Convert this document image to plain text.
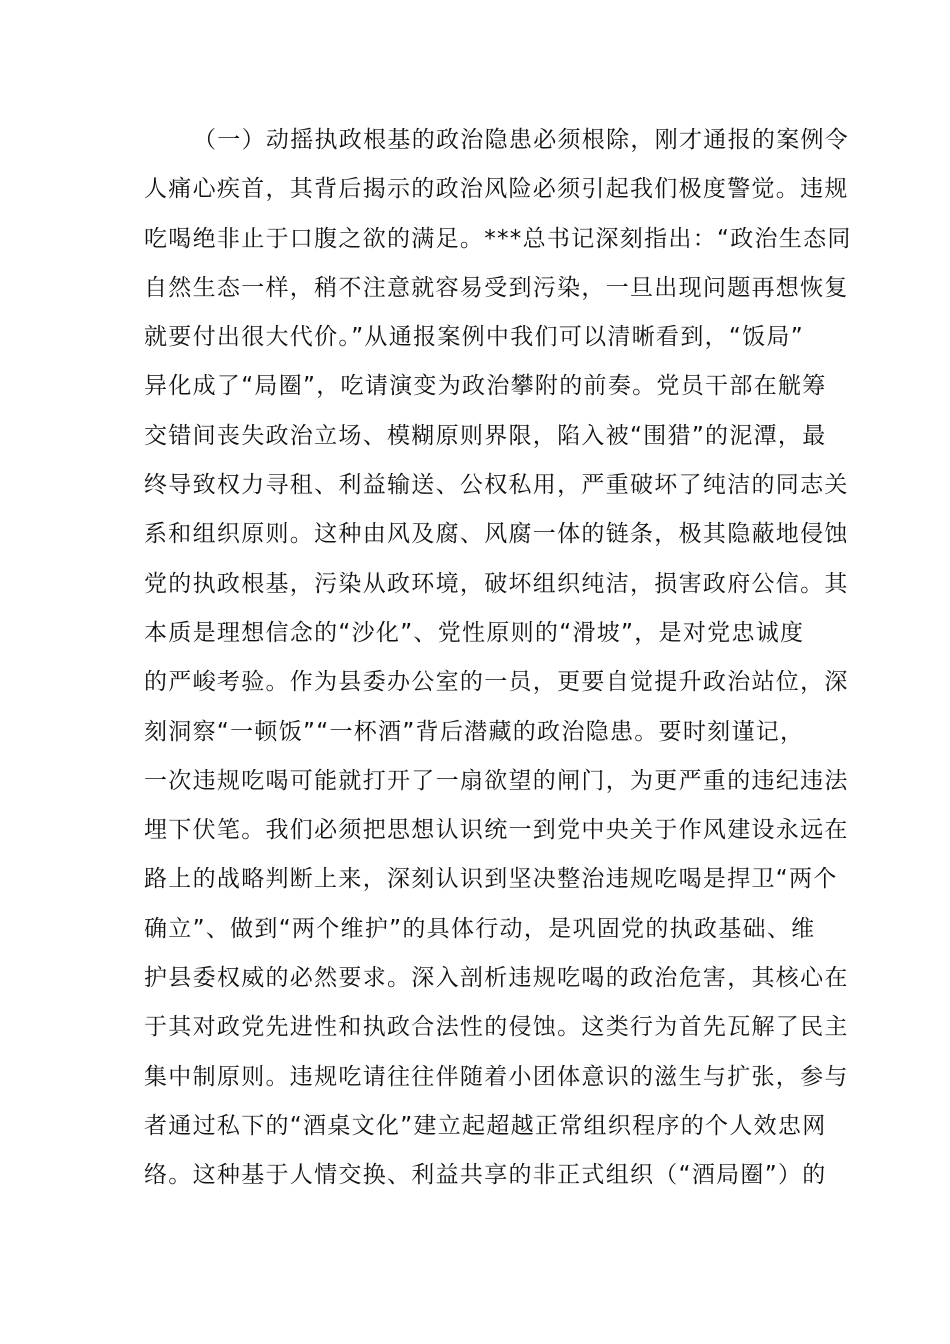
（一）动摇执政根基的政治隐患必须根除，刚才通报的案例令
人痛心疾首，其背后揭示的政治风险必须引起我们极度警觉。违规
吃喝绝非止于口腹之欲的满足。***总书记深刻指出：“政治生态同
自然生态一样，稍不注意就容易受到污染，一旦出现问题再想恢复
就要付出很大代价。”从通报案例中我们可以清晰看到，“饭局”
异化成了“局圈”，吃请演变为政治攀附的前奏。党员干部在觥筹
交错间丧失政治立场、模糊原则界限，陷入被“围猎”的泥潭，最
终导致权力寻租、利益输送、公权私用，严重破坏了纯洁的同志关
系和组织原则。这种由风及腐、风腐一体的链条，极其隐蔽地侵蚀
党的执政根基，污染从政环境，破坏组织纯洁，损害政府公信。其
本质是理想信念的“沙化”、党性原则的“滑坡”，是对党忠诚度
的严峻考验。作为县委办公室的一员，更要自觉提升政治站位，深
刻洞察“一顿饭”“一杯酒”背后潜藏的政治隐患。要时刻谨记，
一次违规吃喝可能就打开了一扇欲望的闸门，为更严重的违纪违法
埋下伏笔。我们必须把思想认识统一到党中央关于作风建设永远在
路上的战略判断上来，深刻认识到坚决整治违规吃喝是捍卫“两个
确立”、做到“两个维护”的具体行动，是巩固党的执政基础、维
护县委权威的必然要求。深入剖析违规吃喝的政治危害，其核心在
于其对政党先进性和执政合法性的侵蚀。这类行为首先瓦解了民主
集中制原则。违规吃请往往伴随着小团体意识的滋生与扩张，参与
者通过私下的“酒桌文化”建立起超越正常组织程序的个人效忠网
络。这种基于人情交换、利益共享的非正式组织（“酒局圈”）的
